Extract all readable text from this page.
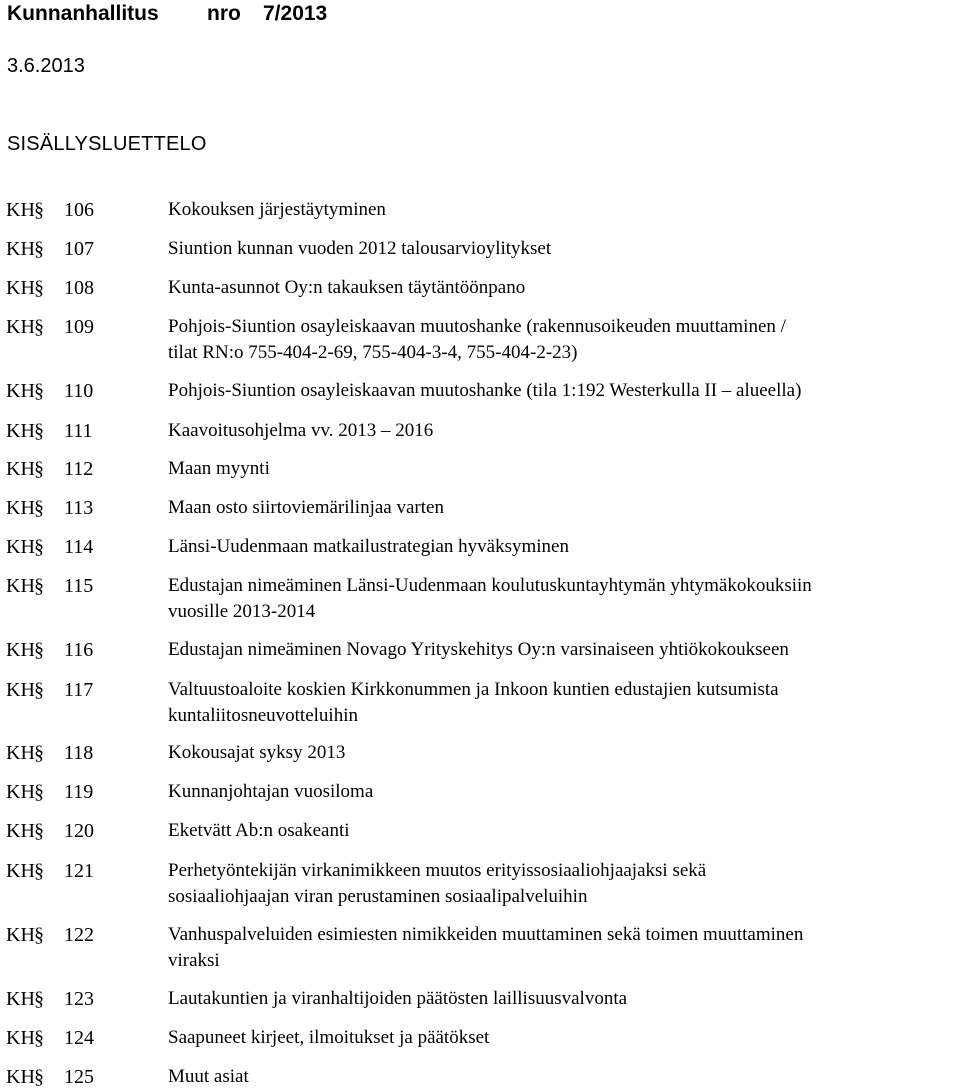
Kunnanhallitus nro 7/2013
3.6.2013
SISÄLLYSLUETTELO
KH§ 106	Kokouksen järjestäytyminen
KH§ 107	Siuntion kunnan vuoden 2012 talousarvioylitykset
KH§ 108	Kunta-asunnot Oy:n takauksen täytäntöönpano
KH§ 109	Pohjois-Siuntion osayleiskaavan muutoshanke (rakennusoikeuden muuttaminen /
tilat RN:o 755-404-2-69, 755-404-3-4, 755-404-2-23)
KH§ 110	Pohjois-Siuntion osayleiskaavan muutoshanke (tila 1:192 Westerkulla II – alueella)
KH§ 111	Kaavoitusohjelma vv. 2013 – 2016
KH§ 112	Maan myynti
KH§ 113	Maan osto siirtoviemärilinjaa varten
KH§ 114	Länsi-Uudenmaan matkailustrategian hyväksyminen
KH§ 115	Edustajan nimeäminen Länsi-Uudenmaan koulutuskuntayhtymän yhtymäkokouksiin
vuosille 2013-2014
KH§ 116	Edustajan nimeäminen Novago Yrityskehitys Oy:n varsinaiseen yhtiökokoukseen
KH§ 117	Valtuustoaloite koskien Kirkkonummen ja Inkoon kuntien edustajien kutsumista
kuntaliitosneuvotteluihin
KH§ 118	Kokousajat syksy 2013
KH§ 119	Kunnanjohtajan vuosiloma
KH§ 120	Eketvätt Ab:n osakeanti
KH§ 121	Perhetyöntekijän virkanimikkeen muutos erityissosiaaliohjaajaksi sekä
sosiaaliohjaajan viran perustaminen sosiaalipalveluihin
KH§ 122	Vanhuspalveluiden esimiesten nimikkeiden muuttaminen sekä toimen muuttaminen
viraksi
KH§ 123	Lautakuntien ja viranhaltijoiden päätösten laillisuusvalvonta
KH§ 124	Saapuneet kirjeet, ilmoitukset ja päätökset
KH§ 125	Muut asiat
